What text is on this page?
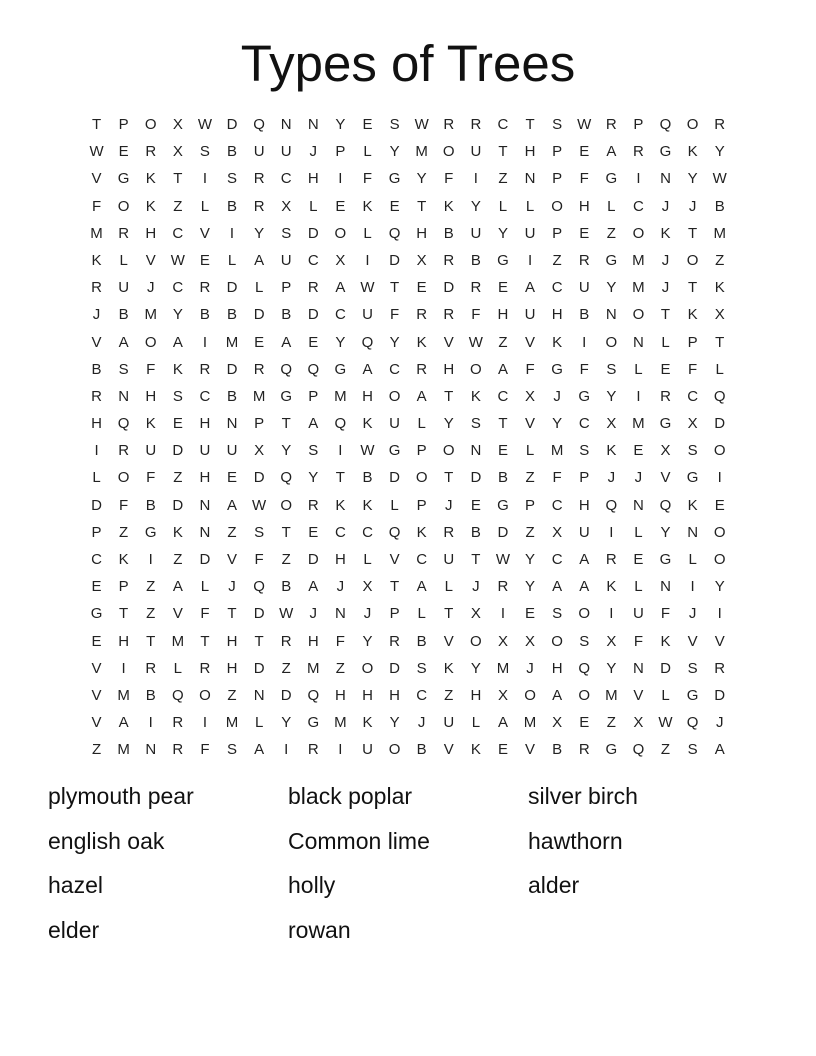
Types of Trees
T	P	O	X	W D	Q	N	N	Y	E	S	W R	R	C	T	S	W R	P	Q	O	R
W	E	R	X	S	B	U	U	J	P	L	Y	M	O	U	T	H	P	E	A	R	G	K	Y
V	G	K	T	I	S	R	C	H	I	F	G	Y	F	I	Z	N	P	F	G	I	N	Y	W
F	O	K	Z	L	B	R	X	L	E	K	E	T	K	Y	L	L	O	H	L	C	J	J	B
M	R	H	C	V	I	Y	S	D	O	L	Q	H	B	U	Y	U	P	E	Z	O	K	T	M
K	L	V	W	E	L	A	U	C	X	I	D	X	R	B	G	I	Z	R	G	M	J	O	Z
R	U	J	C	R	D	L	P	R	A	W	T	E	D	R	E	A	C	U	Y	M	J	T	K
J	B	M	Y	B	B	D	B	D	C	U	F	R	R	F	H	U	H	B	N	O	T	K	X
V	A	O	A	I	M	E	A	E	Y	Q	Y	K	V	W	Z	V	K	I	O	N	L	P	T
B	S	F	K	R	D	R	Q	Q	G	A	C	R	H	O	A	F	G	F	S	L	E	F	L
R	N	H	S	C	B	M	G	P	M	H	O	A	T	K	C	X	J	G	Y	I	R	C	Q
H	Q	K	E	H	N	P	T	A	Q	K	U	L	Y	S	T	V	Y	C	X	M	G	X	D
I	R	U	D	U	U	X	Y	S	I	W G	P	O	N	E	L	M	S	K	E	X	S	O
L	O	F	Z	H	E	D	Q	Y	T	B	D	O	T	D	B	Z	F	P	J	J	V	G	I
D	F	B	D	N	A	W O	R	K	K	L	P	J	E	G	P	C	H	Q	N	Q	K	E
P	Z	G	K	N	Z	S	T	E	C	C	Q	K	R	B	D	Z	X	U	I	L	Y	N	O
C	K	I	Z	D	V	F	Z	D	H	L	V	C	U	T	W	Y	C	A	R	E	G	L	O
E	P	Z	A	L	J	Q	B	A	J	X	T	A	L	J	R	Y	A	A	K	L	N	I	Y
G	T	Z	V	F	T	D W	J	N	J	P	L	T	X	I	E	S	O	I	U	F	J	I
E	H	T	M	T	H	T	R	H	F	Y	R	B	V	O	X	X	O	S	X	F	K	V	V
V	I	R	L	R	H	D	Z	M	Z	O	D	S	K	Y	M	J	H	Q	Y	N	D	S	R
V	M	B	Q	O	Z	N	D	Q	H	H	H	C	Z	H	X	O	A	O	M	V	L	G	D
V	A	I	R	I	M	L	Y	G	M	K	Y	J	U	L	A	M	X	E	Z	X	W Q	J
Z	M	N	R	F	S	A	I	R	I	U	O	B	V	K	E	V	B	R	G	Q	Z	S	A
plymouth pear	black poplar	silver birch
english oak	Common lime	hawthorn
hazel	holly	alder
elder	rowan
